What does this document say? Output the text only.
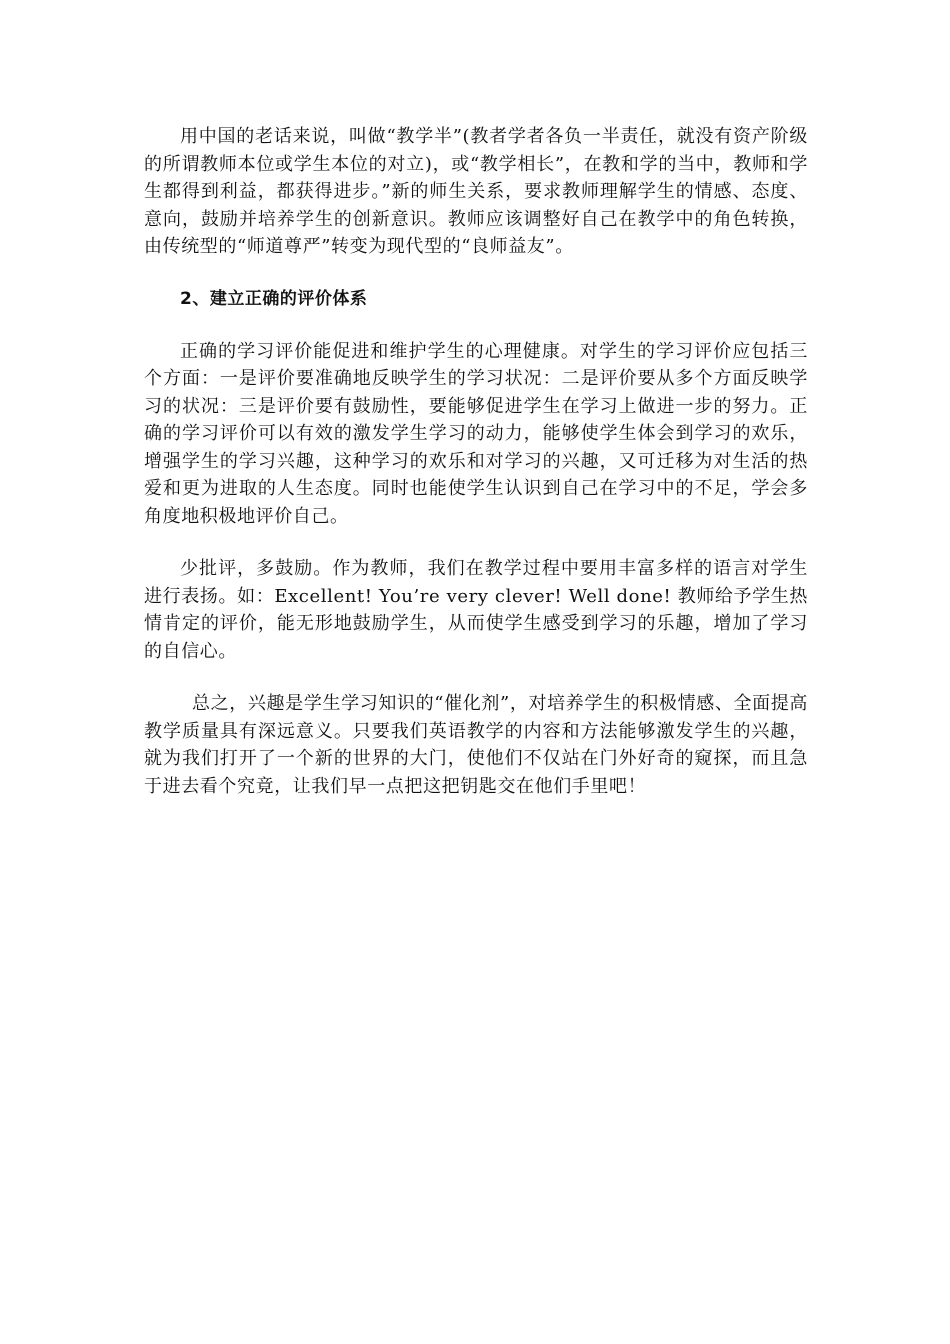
用中国的老话来说，叫做“教学半”(教者学者各负一半责任，就没有资产阶级的所谓教师本位或学生本位的对立)，或“教学相长”，在教和学的当中，教师和学生都得到利益，都获得进步。”新的师生关系，要求教师理解学生的情感、态度、意向，鼓励并培养学生的创新意识。教师应该调整好自己在教学中的角色转换，由传统型的“师道尊严”转变为现代型的“良师益友”。

2、建立正确的评价体系

正确的学习评价能促进和维护学生的心理健康。对学生的学习评价应包括三个方面：一是评价要准确地反映学生的学习状况：二是评价要从多个方面反映学习的状况：三是评价要有鼓励性，要能够促进学生在学习上做进一步的努力。正确的学习评价可以有效的激发学生学习的动力，能够使学生体会到学习的欢乐，增强学生的学习兴趣，这种学习的欢乐和对学习的兴趣，又可迁移为对生活的热爱和更为进取的人生态度。同时也能使学生认识到自己在学习中的不足，学会多角度地积极地评价自己。

少批评，多鼓励。作为教师，我们在教学过程中要用丰富多样的语言对学生进行表扬。如：Excellent! You’re very clever! Well done! 教师给予学生热情肯定的评价，能无形地鼓励学生，从而使学生感受到学习的乐趣，增加了学习的自信心。

总之，兴趣是学生学习知识的“催化剂”，对培养学生的积极情感、全面提高教学质量具有深远意义。只要我们英语教学的内容和方法能够激发学生的兴趣，就为我们打开了一个新的世界的大门，使他们不仅站在门外好奇的窥探，而且急于进去看个究竟，让我们早一点把这把钥匙交在他们手里吧！
